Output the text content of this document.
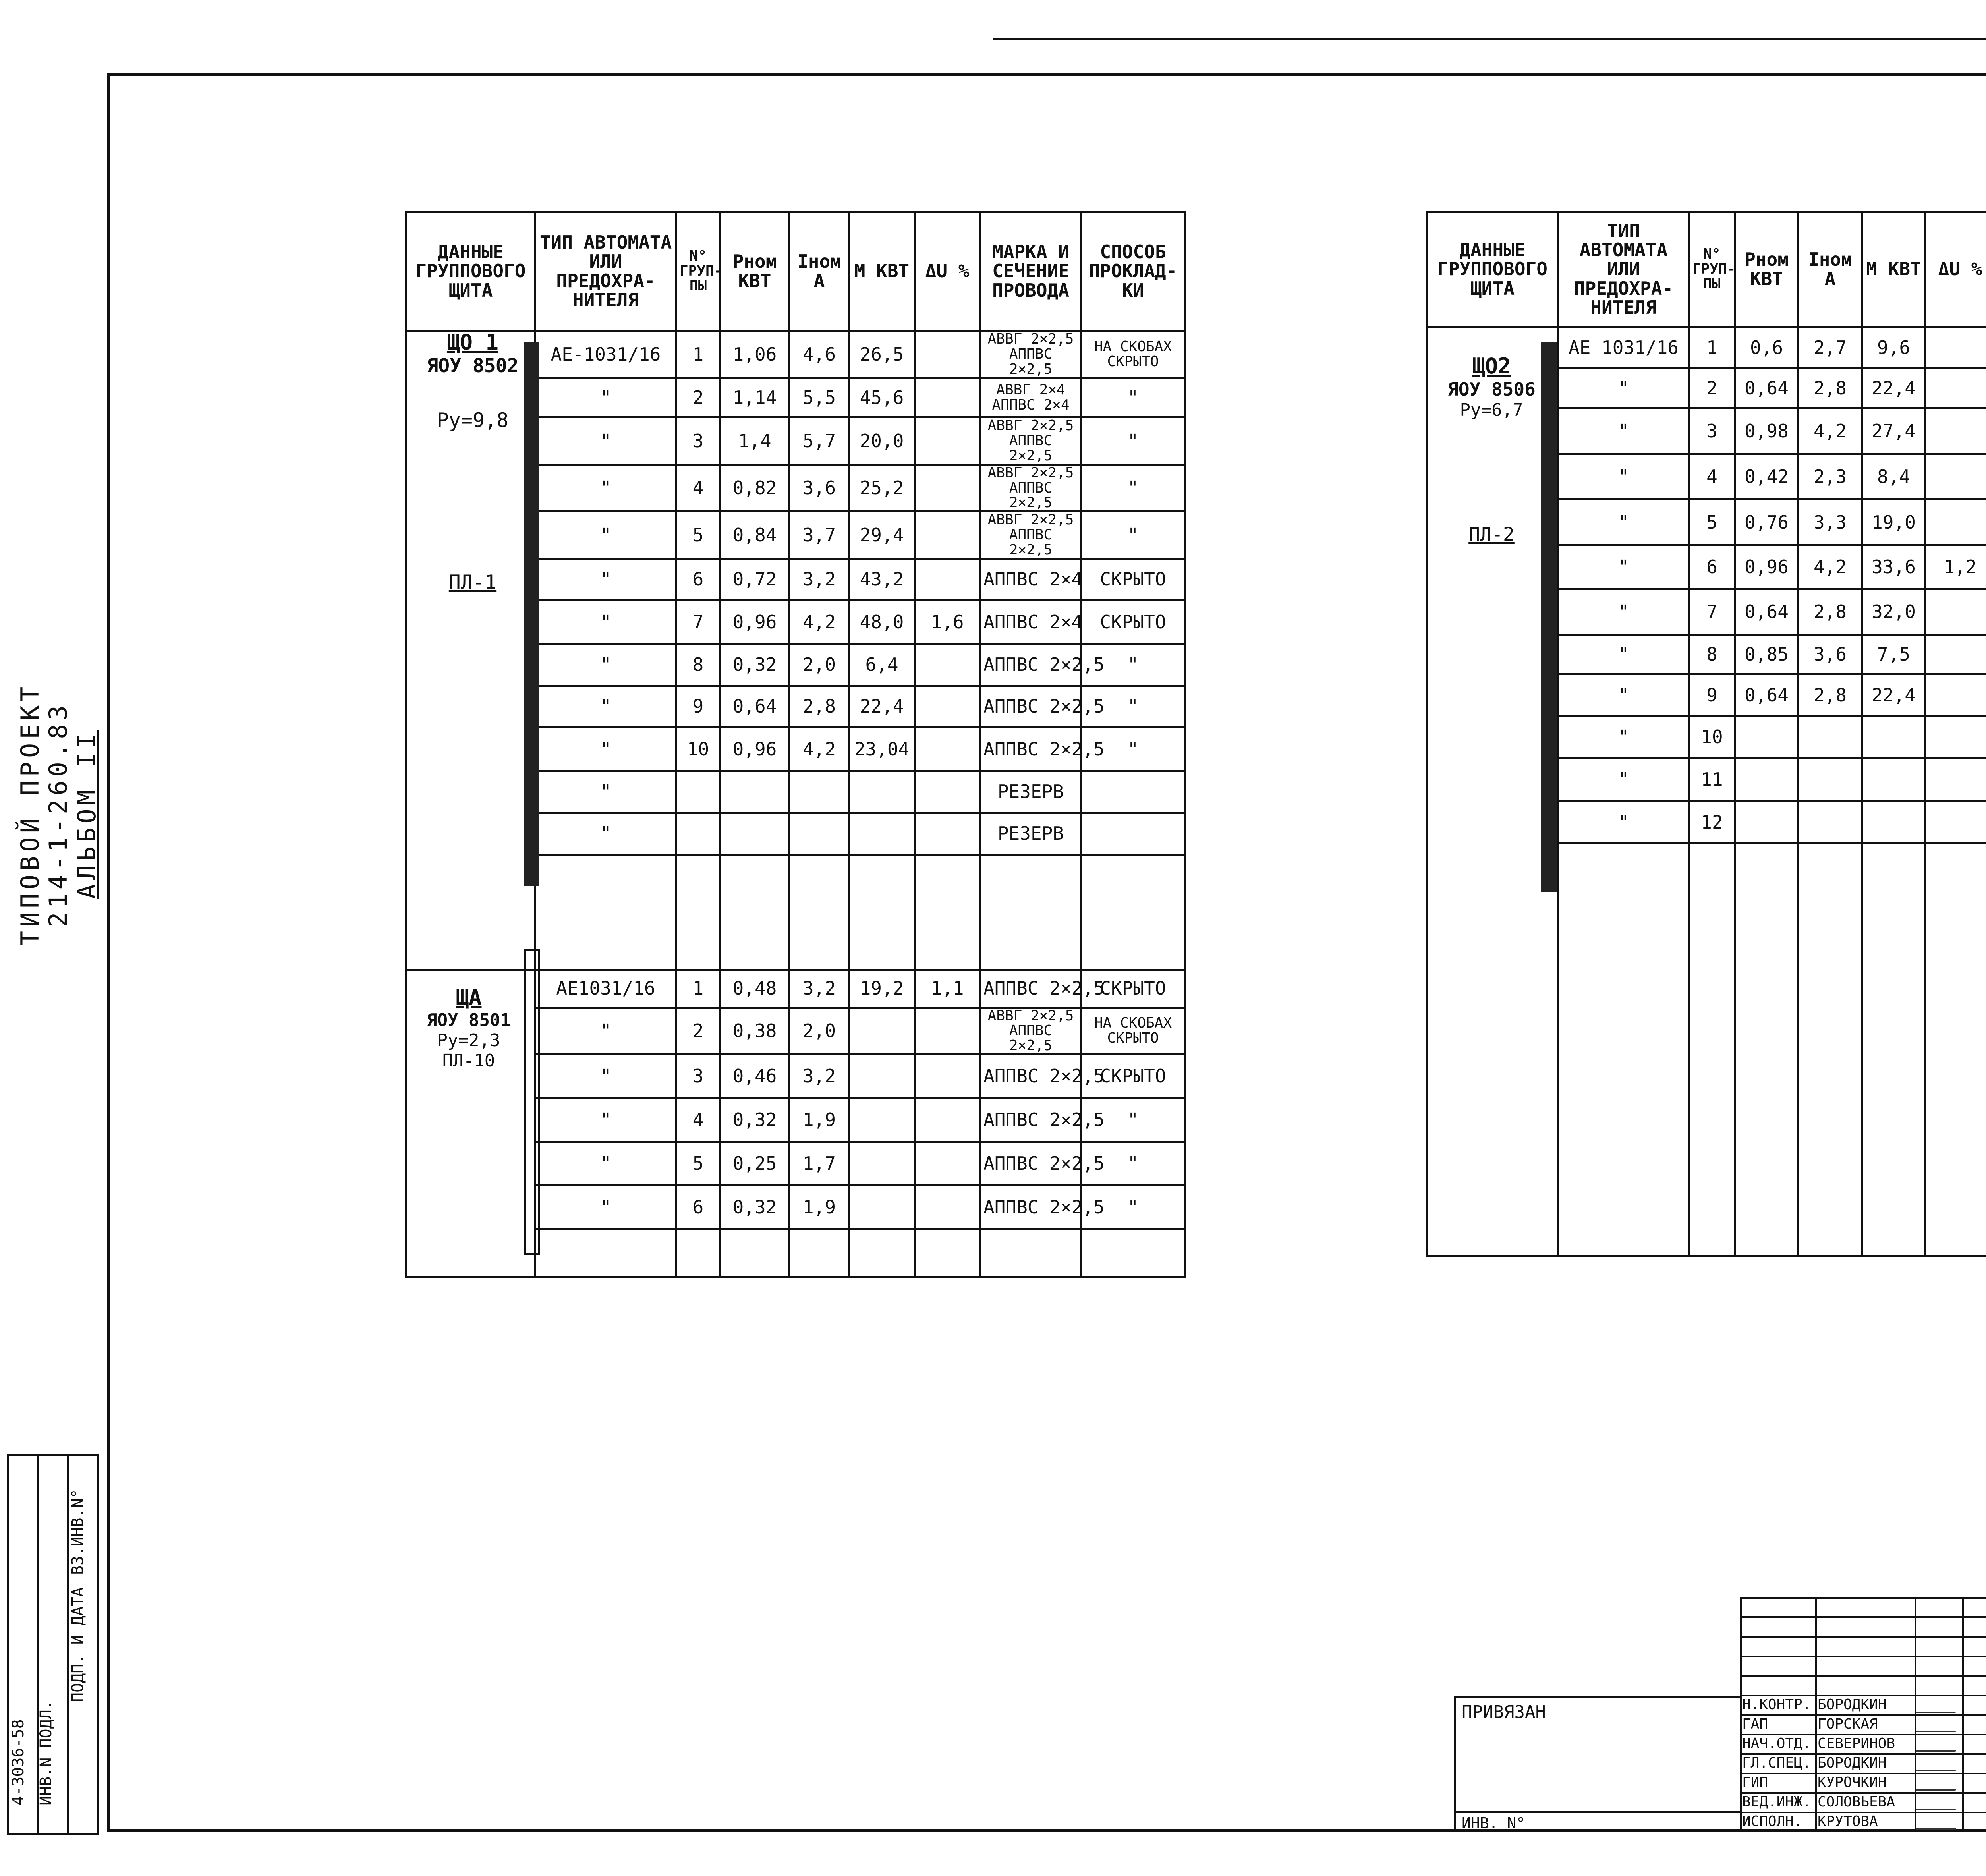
ТИПОВОЙ ПРОЕКТ
214-1-260.83
АЛЬБОМ II
ИНВ.N ПОДЛ.
4-3036-58
ПОДП. И ДАТА
ВЗ.ИНВ.N°
ДАННЫЕ ГРУППОВОГО ЩИТА	ТИП АВТОМАТА ИЛИ ПРЕДОХРА-НИТЕЛЯ	N° ГРУП-ПЫ	Pном КВТ	Iном А	М КВТ	ΔU %	МАРКА И СЕЧЕНИЕ ПРОВОДА	СПОСОБ ПРОКЛАД-КИ
	АЕ-1031/16	1	1,06	4,6	26,5		АВВГ 2×2,5 АППВС 2×2,5	НА СКОБАХ СКРЫТО
	"	2	1,14	5,5	45,6		АВВГ 2×4 АППВС 2×4	"
	"	3	1,4	5,7	20,0		АВВГ 2×2,5 АППВС 2×2,5	"
	"	4	0,82	3,6	25,2		АВВГ 2×2,5 АППВС 2×2,5	"
	"	5	0,84	3,7	29,4		АВВГ 2×2,5 АППВС 2×2,5	"
	"	6	0,72	3,2	43,2		АППВС 2×4	СКРЫТО
	"	7	0,96	4,2	48,0	1,6	АППВС 2×4	СКРЫТО
	"	8	0,32	2,0	6,4		АППВС 2×2,5	"
	"	9	0,64	2,8	22,4		АППВС 2×2,5	"
	"	10	0,96	4,2	23,04		АППВС 2×2,5	"
	"						РЕЗЕРВ	
	"						РЕЗЕРВ	

	АЕ1031/16	1	0,48	3,2	19,2	1,1	АППВС 2×2,5	СКРЫТО
	"	2	0,38	2,0			АВВГ 2×2,5 АППВС 2×2,5	НА СКОБАХ СКРЫТО
	"	3	0,46	3,2			АППВС 2×2,5	СКРЫТО
	"	4	0,32	1,9			АППВС 2×2,5	"
	"	5	0,25	1,7			АППВС 2×2,5	"
	"	6	0,32	1,9			АППВС 2×2,5	"

ДАННЫЕ ГРУППОВОГО ЩИТА	ТИП АВТОМАТА ИЛИ ПРЕДОХРА-НИТЕЛЯ	N° ГРУП-ПЫ	Pном КВТ	Iном А	М КВТ	ΔU %		
	АЕ 1031/16	1	0,6	2,7	9,6			
	"	2	0,64	2,8	22,4			
	"	3	0,98	4,2	27,4			
	"	4	0,42	2,3	8,4			
	"	5	0,76	3,3	19,0			
	"	6	0,96	4,2	33,6	1,2		
	"	7	0,64	2,8	32,0			
	"	8	0,85	3,6	7,5			
	"	9	0,64	2,8	22,4			
	"	10						
	"	11						
	"	12						

ЩО 1
ЯОУ 8502
Ру=9,8
ПЛ-1
ЩА
ЯОУ 8501
Ру=2,3
ПЛ-10
ЩО2
ЯОУ 8506
Ру=6,7
ПЛ-2
Н.КОНТР. БОРОДКИН
ГАП	ГОРСКАЯ
НАЧ.ОТД. СЕВЕРИНОВ
ГЛ.СПЕЦ. БОРОДКИН
ГИП	КУРОЧКИН
ВЕД.ИНЖ. СОЛОВЬЕВА
ИСПОЛН. КРУТОВА
ПРИВЯЗАН
ИНВ. N°
